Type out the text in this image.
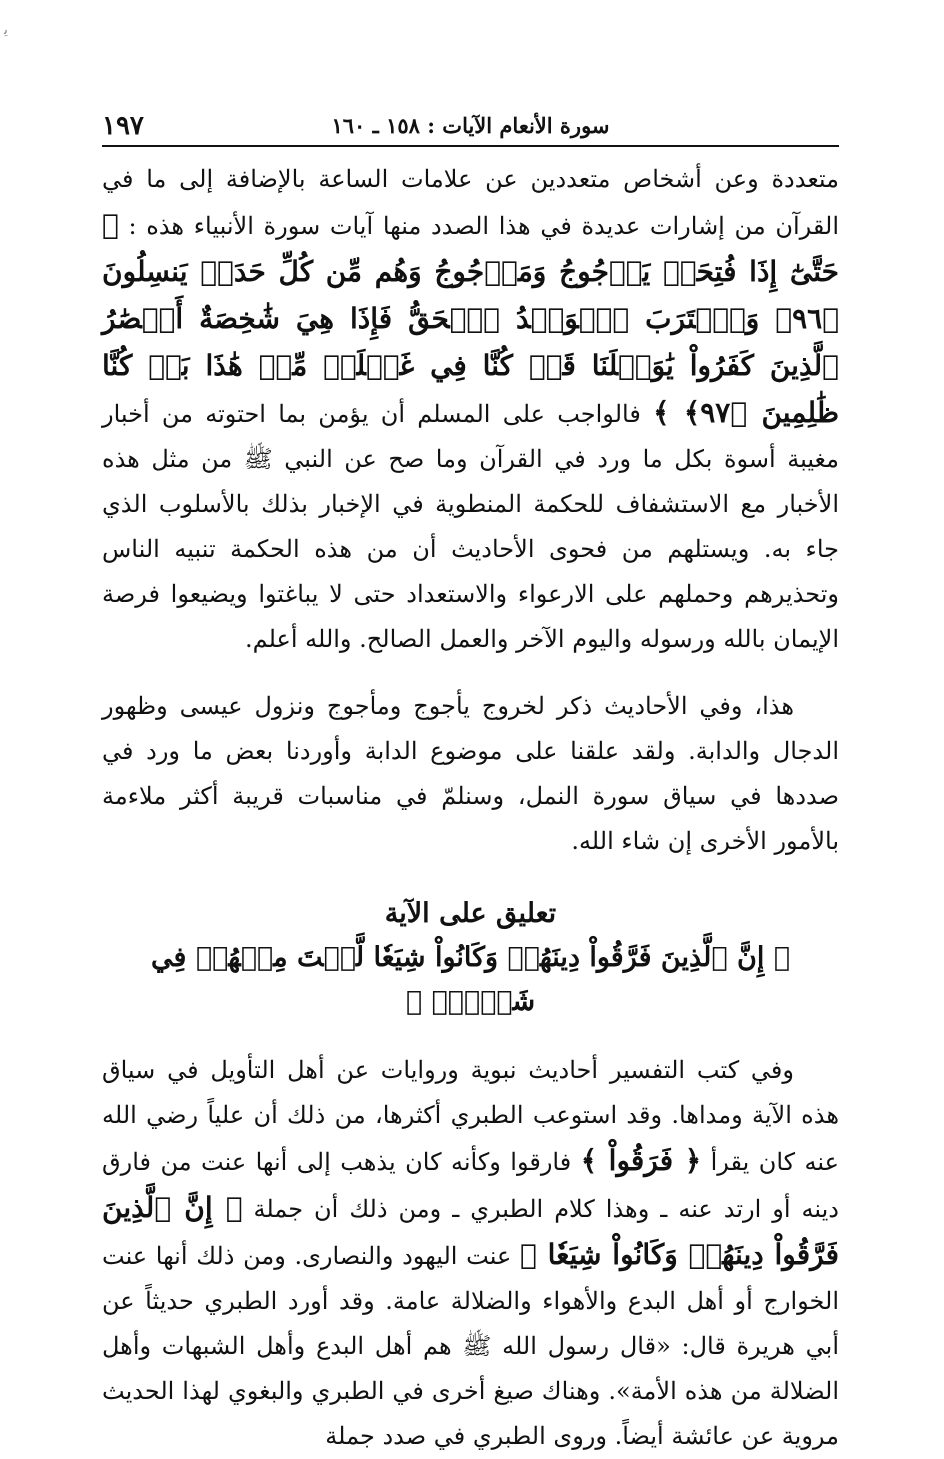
ﯾ
سورة الأنعام الآيات : ١٥٨ ـ ١٦٠
١٩٧

متعددة وعن أشخاص متعددين عن علامات الساعة بالإضافة إلى ما في القرآن من إشارات عديدة في هذا الصدد منها آيات سورة الأنبياء هذه : ﴿ حَتَّىٰٓ إِذَا فُتِحَتۡ يَأۡجُوجُ وَمَأۡجُوجُ وَهُم مِّن كُلِّ حَدَبٖ يَنسِلُونَ ﴿٩٦﴾ وَٱقۡتَرَبَ ٱلۡوَعۡدُ ٱلۡحَقُّ فَإِذَا هِيَ شَٰخِصَةٌ أَبۡصَٰرُ ٱلَّذِينَ كَفَرُواْ يَٰوَيۡلَنَا قَدۡ كُنَّا فِي غَفۡلَةٖ مِّنۡ هَٰذَا بَلۡ كُنَّا ظَٰلِمِينَ ﴿٩٧﴾ ﴾ فالواجب على المسلم أن يؤمن بما احتوته من أخبار مغيبة أسوة بكل ما ورد في القرآن وما صح عن النبي ﷺ من مثل هذه الأخبار مع الاستشفاف للحكمة المنطوية في الإخبار بذلك بالأسلوب الذي جاء به. ويستلهم من فحوى الأحاديث أن من هذه الحكمة تنبيه الناس وتحذيرهم وحملهم على الارعواء والاستعداد حتى لا يباغتوا ويضيعوا فرصة الإيمان بالله ورسوله واليوم الآخر والعمل الصالح. والله أعلم.

هذا، وفي الأحاديث ذكر لخروج يأجوج ومأجوج ونزول عيسى وظهور الدجال والدابة. ولقد علقنا على موضوع الدابة وأوردنا بعض ما ورد في صددها في سياق سورة النمل، وسنلمّ في مناسبات قريبة أكثر ملاءمة بالأمور الأخرى إن شاء الله.

تعليق على الآية
﴿ إِنَّ ٱلَّذِينَ فَرَّقُواْ دِينَهُمۡ وَكَانُواْ شِيَعٗا لَّسۡتَ مِنۡهُمۡ فِي شَيۡءٍۚ ﴾

وفي كتب التفسير أحاديث نبوية وروايات عن أهل التأويل في سياق هذه الآية ومداها. وقد استوعب الطبري أكثرها، من ذلك أن علياً رضي الله عنه كان يقرأ ﴿ فَرَقُواْ ﴾ فارقوا وكأنه كان يذهب إلى أنها عنت من فارق دينه أو ارتد عنه ـ وهذا كلام الطبري ـ ومن ذلك أن جملة ﴿ إِنَّ ٱلَّذِينَ فَرَّقُواْ دِينَهُمۡ وَكَانُواْ شِيَعٗا ﴾ عنت اليهود والنصارى. ومن ذلك أنها عنت الخوارج أو أهل البدع والأهواء والضلالة عامة. وقد أورد الطبري حديثاً عن أبي هريرة قال: «قال رسول الله ﷺ هم أهل البدع وأهل الشبهات وأهل الضلالة من هذه الأمة». وهناك صيغ أخرى في الطبري والبغوي لهذا الحديث مروية عن عائشة أيضاً. وروى الطبري في صدد جملة
